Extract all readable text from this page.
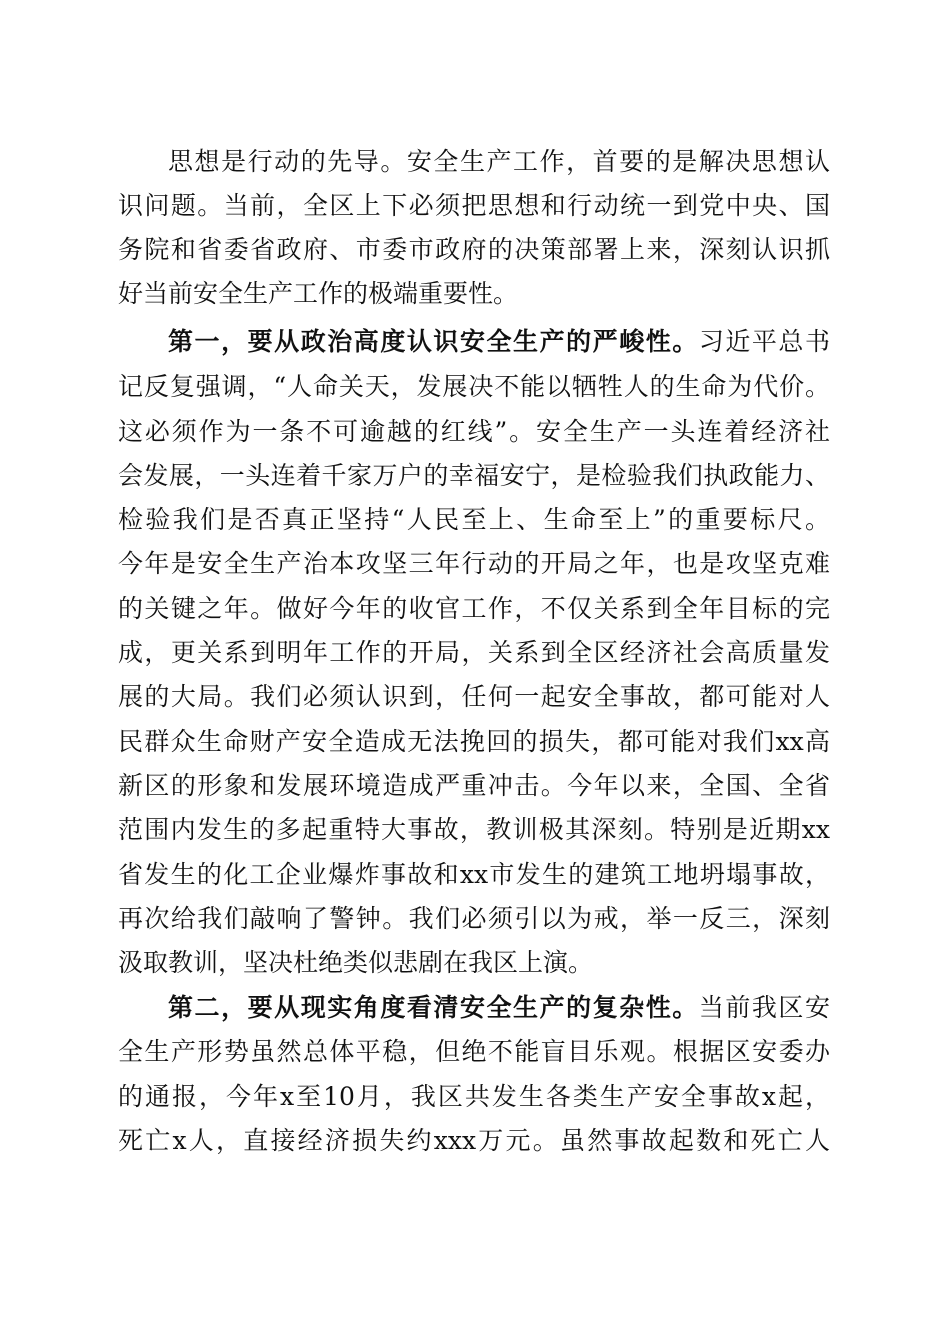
思想是行动的先导。安全生产工作，首要的是解决思想认
识问题。当前，全区上下必须把思想和行动统一到党中央、国
务院和省委省政府、市委市政府的决策部署上来，深刻认识抓
好当前安全生产工作的极端重要性。
第一，要从政治高度认识安全生产的严峻性。习近平总书
记反复强调，“人命关天，发展决不能以牺牲人的生命为代价。
这必须作为一条不可逾越的红线”。安全生产一头连着经济社
会发展，一头连着千家万户的幸福安宁，是检验我们执政能力、
检验我们是否真正坚持“人民至上、生命至上”的重要标尺。
今年是安全生产治本攻坚三年行动的开局之年，也是攻坚克难
的关键之年。做好今年的收官工作，不仅关系到全年目标的完
成，更关系到明年工作的开局，关系到全区经济社会高质量发
展的大局。我们必须认识到，任何一起安全事故，都可能对人
民群众生命财产安全造成无法挽回的损失，都可能对我们xx高
新区的形象和发展环境造成严重冲击。今年以来，全国、全省
范围内发生的多起重特大事故，教训极其深刻。特别是近期xx
省发生的化工企业爆炸事故和xx市发生的建筑工地坍塌事故，
再次给我们敲响了警钟。我们必须引以为戒，举一反三，深刻
汲取教训，坚决杜绝类似悲剧在我区上演。
第二，要从现实角度看清安全生产的复杂性。当前我区安
全生产形势虽然总体平稳，但绝不能盲目乐观。根据区安委办
的通报，今年x至10月，我区共发生各类生产安全事故x起，
死亡x人，直接经济损失约xxx万元。虽然事故起数和死亡人
